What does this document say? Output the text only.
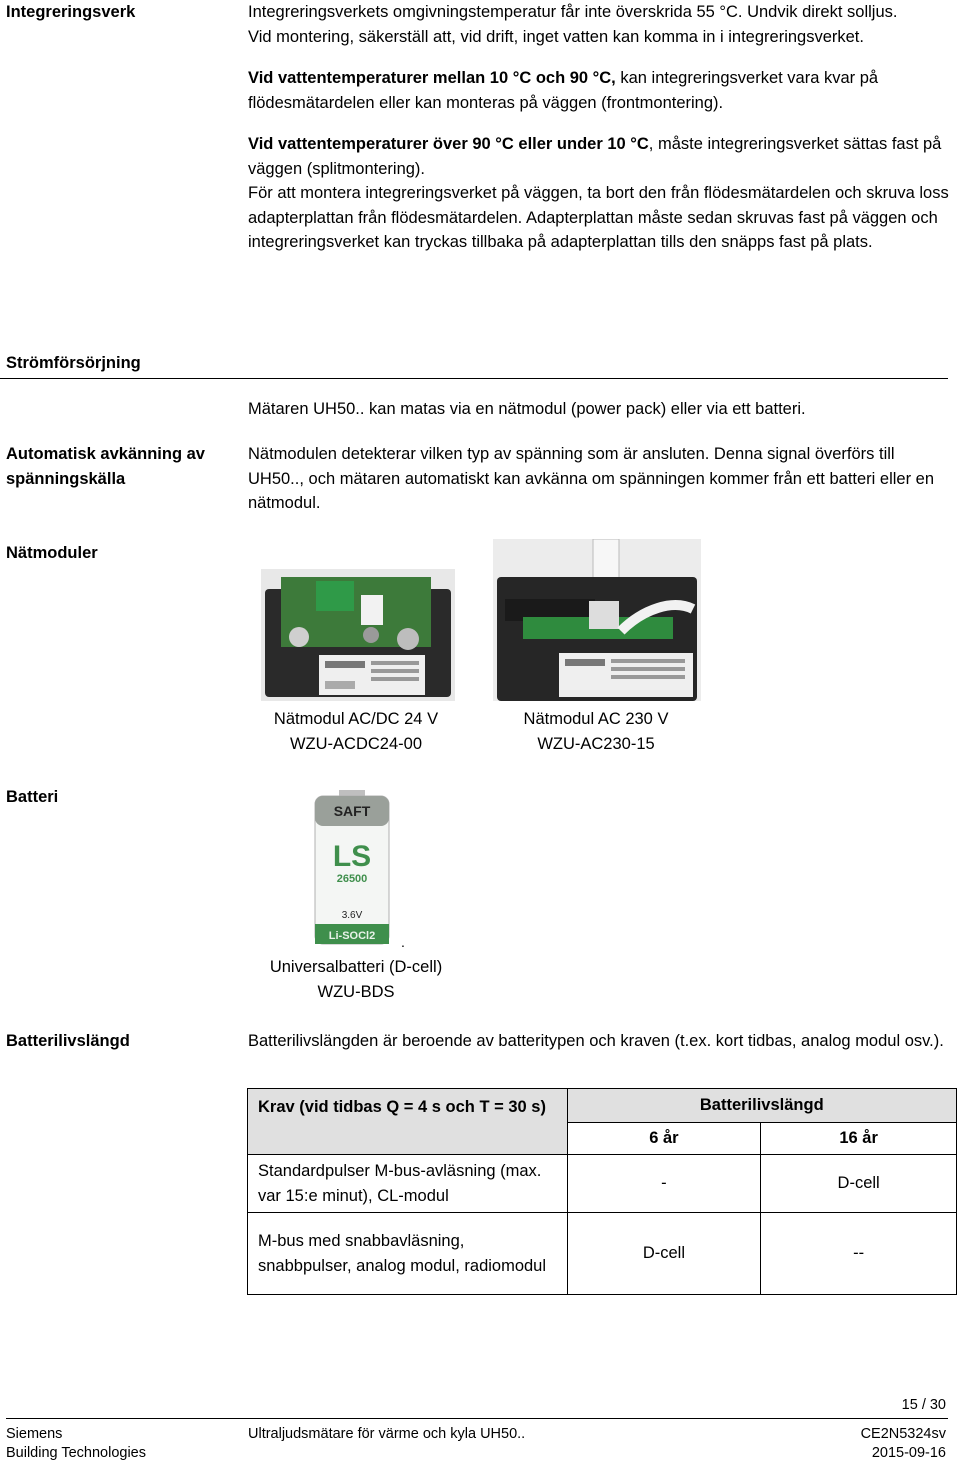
Integreringsverk	Integreringsverkets omgivningstemperatur får inte överskrida 55 °C. Undvik direkt solljus.

Vid montering, säkerställ att, vid drift, inget vatten kan komma in i integreringsverket.

Vid vattentemperaturer mellan 10 °C och 90 °C, kan integreringsverket vara kvar på flödesmätardelen eller kan monteras på väggen (frontmontering).

Vid vattentemperaturer över 90 °C eller under 10 °C, måste integreringsverket sättas fast på väggen (splitmontering).

För att montera integreringsverket på väggen, ta bort den från flödesmätardelen och skruva loss adapterplattan från flödesmätardelen. Adapterplattan måste sedan skruvas fast på väggen och integreringsverket kan tryckas tillbaka på adapterplattan tills den snäpps fast på plats.

Strömförsörjning
Mätaren UH50.. kan matas via en nätmodul (power pack) eller via ett batteri.
Automatisk avkänning av spänningskälla
Nätmodulen detekterar vilken typ av spänning som är ansluten. Denna signal överförs till UH50.., och mätaren automatiskt kan avkänna om spänningen kommer från ett batteri eller en nätmodul.
Nätmoduler
Nätmodul AC/DC 24 V
WZU-ACDC24-00
Nätmodul AC 230 V
WZU-AC230-15
Batteri
SAFT
LS
26500
3.6V
Li-SOCl2 .
Universalbatteri (D-cell)
WZU-BDS
Batterilivslängd	Batterilivslängden är beroende av batteritypen och kraven (t.ex. kort tidbas, analog modul osv.).
Krav (vid tidbas Q = 4 s och T = 30 s)	Batterilivslängd	
	6 år	16 år
Standardpulser M-bus-avläsning (max. var 15:e minut), CL-modul	-	D-cell
M-bus med snabbavläsning, snabbpulser, analog modul, radiomodul	D-cell	--
15 / 30
Siemens
Building Technologies
Ultraljudsmätare för värme och kyla UH50..	CE2N5324sv
2015-09-16
